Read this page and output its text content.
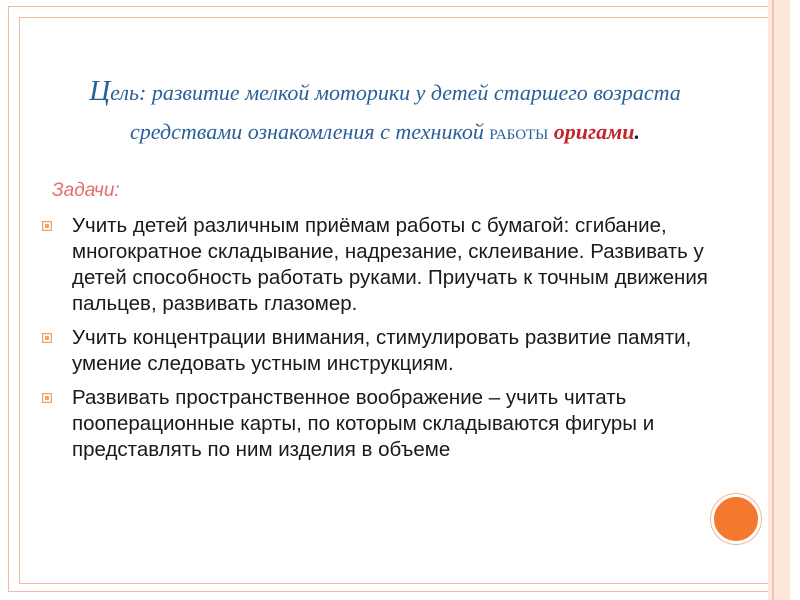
Цель: развитие мелкой моторики у детей старшего возраста средствами ознакомления с техникой работы оригами.
Задачи:
Учить детей различным приёмам работы с бумагой: сгибание, многократное складывание, надрезание, склеивание. Развивать у детей способность работать руками. Приучать к точным движения пальцев, развивать глазомер.
Учить концентрации внимания, стимулировать развитие памяти, умение следовать устным инструкциям.
Развивать пространственное воображение – учить читать пооперационные карты, по которым складываются фигуры и представлять по ним изделия в объеме
